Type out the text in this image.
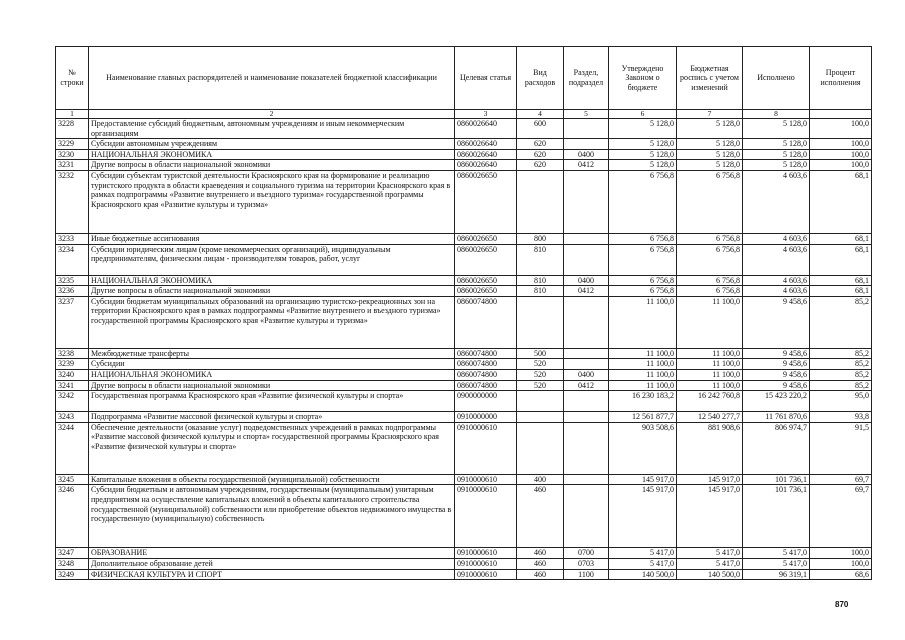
№ строки	Наименование главных распорядителей и наименование показателей бюджетной классификации	Целевая статья	Вид расходов	Раздел, подраздел	Утверждено Законом о бюджете	Бюджетная роспись с учетом изменений	Исполнено	Процент исполнения
1	2	3	4	5	6	7	8	
3228	Предоставление субсидий бюджетным, автономным учреждениям и иным некоммерческим организациям	0860026640	600		5 128,0	5 128,0	5 128,0	100,0
3229	Субсидии автономным учреждениям	0860026640	620		5 128,0	5 128,0	5 128,0	100,0
3230	НАЦИОНАЛЬНАЯ ЭКОНОМИКА	0860026640	620	0400	5 128,0	5 128,0	5 128,0	100,0
3231	Другие вопросы в области национальной экономики	0860026640	620	0412	5 128,0	5 128,0	5 128,0	100,0
3232	Субсидии субъектам туристской деятельности Красноярского края на формирование и реализацию туристского продукта в области краеведения и социального туризма на территории Красноярского края в рамках подпрограммы «Развитие внутреннего и въездного туризма» государственной программы Красноярского края «Развитие культуры и туризма»	0860026650			6 756,8	6 756,8	4 603,6	68,1
3233	Иные бюджетные ассигнования	0860026650	800		6 756,8	6 756,8	4 603,6	68,1
3234	Субсидии юридическим лицам (кроме некоммерческих организаций), индивидуальным предпринимателям, физическим лицам - производителям товаров, работ, услуг	0860026650	810		6 756,8	6 756,8	4 603,6	68,1
3235	НАЦИОНАЛЬНАЯ ЭКОНОМИКА	0860026650	810	0400	6 756,8	6 756,8	4 603,6	68,1
3236	Другие вопросы в области национальной экономики	0860026650	810	0412	6 756,8	6 756,8	4 603,6	68,1
3237	Субсидии бюджетам муниципальных образований на организацию туристско-рекреационных зон на территории Красноярского края в рамках подпрограммы «Развитие внутреннего и въездного туризма» государственной программы Красноярского края «Развитие культуры и туризма»	0860074800			11 100,0	11 100,0	9 458,6	85,2
3238	Межбюджетные трансферты	0860074800	500		11 100,0	11 100,0	9 458,6	85,2
3239	Субсидии	0860074800	520		11 100,0	11 100,0	9 458,6	85,2
3240	НАЦИОНАЛЬНАЯ ЭКОНОМИКА	0860074800	520	0400	11 100,0	11 100,0	9 458,6	85,2
3241	Другие вопросы в области национальной экономики	0860074800	520	0412	11 100,0	11 100,0	9 458,6	85,2
3242	Государственная программа Красноярского края «Развитие физической культуры и спорта»	0900000000			16 230 183,2	16 242 760,8	15 423 220,2	95,0
3243	Подпрограмма «Развитие массовой физической культуры и спорта»	0910000000			12 561 877,7	12 540 277,7	11 761 870,6	93,8
3244	Обеспечение деятельности (оказание услуг) подведомственных учреждений в рамках подпрограммы «Развитие массовой физической культуры и спорта» государственной программы Красноярского края «Развитие физической культуры и спорта»	0910000610			903 508,6	881 908,6	806 974,7	91,5
3245	Капитальные вложения в объекты государственной (муниципальной) собственности	0910000610	400		145 917,0	145 917,0	101 736,1	69,7
3246	Субсидии бюджетным и автономным учреждениям, государственным (муниципальным) унитарным предприятиям на осуществление капитальных вложений в объекты капитального строительства государственной (муниципальной) собственности или приобретение объектов недвижимого имущества в государственную (муниципальную) собственность	0910000610	460		145 917,0	145 917,0	101 736,1	69,7
3247	ОБРАЗОВАНИЕ	0910000610	460	0700	5 417,0	5 417,0	5 417,0	100,0
3248	Дополнительное образование детей	0910000610	460	0703	5 417,0	5 417,0	5 417,0	100,0
3249	ФИЗИЧЕСКАЯ КУЛЬТУРА И СПОРТ	0910000610	460	1100	140 500,0	140 500,0	96 319,1	68,6
870
